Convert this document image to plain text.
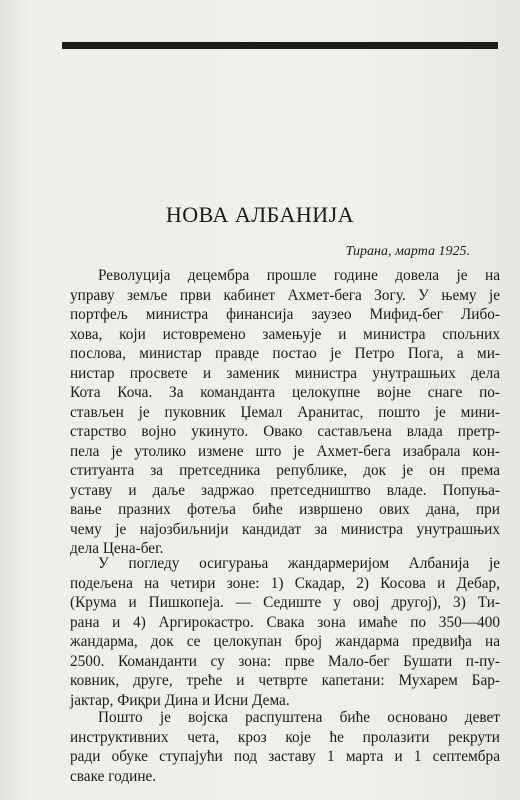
НОВА АЛБАНИЈА
Тирана, марта 1925.
Револуција децембра прошле године довела је на
управу земље први кабинет Ахмет-бега Зогу. У њему је
портфељ министра финансија заузео Мифид-бег Либо-
хова, који истовремено замењује и министра спољних
послова, министар правде постао је Петро Пога, а ми-
нистар просвете и заменик министра унутрашњих дела
Кота Коча. За команданта целокупне војне снаге по-
стављен је пуковник Џемал Аранитас, пошто је мини-
старство војно укинуто. Овако састављена влада претр-
пела је утолико измене што је Ахмет-бега изабрала кон-
ституанта за претседника републике, док је он према
уставу и даље задржао претседништво владе. Попуња-
вање празних фотеља биће извршено ових дана, при
чему је најозбиљнији кандидат за министра унутрашњих
дела Цена-бег.
У погледу осигурања жандармеријом Албанија је
подељена на четири зоне: 1) Скадар, 2) Косова и Дебар,
(Крума и Пишкопеја. — Седиште у овој другој), 3) Ти-
рана и 4) Аргирокастро. Свака зона имаће по 350—400
жандарма, док се целокупан број жандарма предвиђа на
2500. Команданти су зона: прве Мало-бег Бушати п-пу-
ковник, друге, треће и четврте капетани: Мухарем Бар-
јактар, Фиқри Дина и Исни Дема.
Пошто је војска распуштена биће основано девет
инструктивних чета, кроз које ће пролазити рекрути
ради обуке ступајући под заставу 1 марта и 1 септембра
сваке године.
